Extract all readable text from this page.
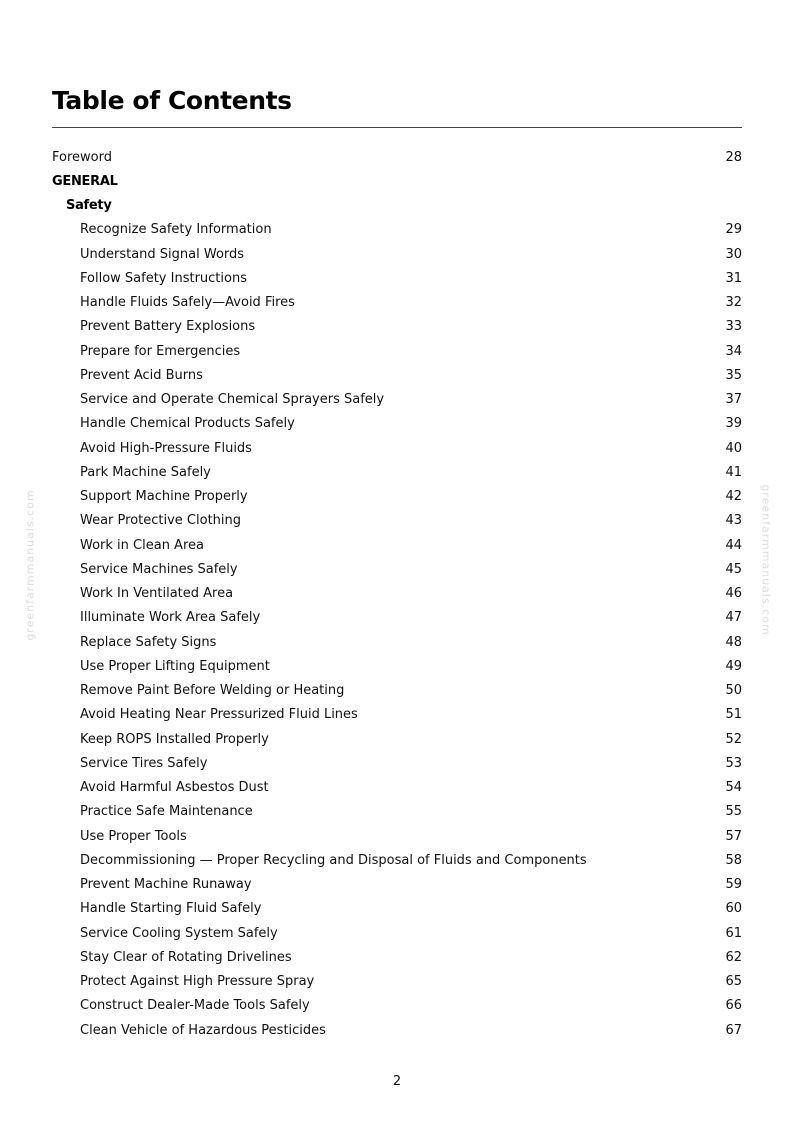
Table of Contents
Foreword	28
GENERAL
Safety
Recognize Safety Information	29
Understand Signal Words	30
Follow Safety Instructions	31
Handle Fluids Safely—Avoid Fires	32
Prevent Battery Explosions	33
Prepare for Emergencies	34
Prevent Acid Burns	35
Service and Operate Chemical Sprayers Safely	37
Handle Chemical Products Safely	39
Avoid High-Pressure Fluids	40
Park Machine Safely	41
Support Machine Properly	42
Wear Protective Clothing	43
Work in Clean Area	44
Service Machines Safely	45
Work In Ventilated Area	46
Illuminate Work Area Safely	47
Replace Safety Signs	48
Use Proper Lifting Equipment	49
Remove Paint Before Welding or Heating	50
Avoid Heating Near Pressurized Fluid Lines	51
Keep ROPS Installed Properly	52
Service Tires Safely	53
Avoid Harmful Asbestos Dust	54
Practice Safe Maintenance	55
Use Proper Tools	57
Decommissioning — Proper Recycling and Disposal of Fluids and Components	58
Prevent Machine Runaway	59
Handle Starting Fluid Safely	60
Service Cooling System Safely	61
Stay Clear of Rotating Drivelines	62
Protect Against High Pressure Spray	65
Construct Dealer-Made Tools Safely	66
Clean Vehicle of Hazardous Pesticides	67
greenfarmmanuals.com	greenfarmmanuals.com
2
